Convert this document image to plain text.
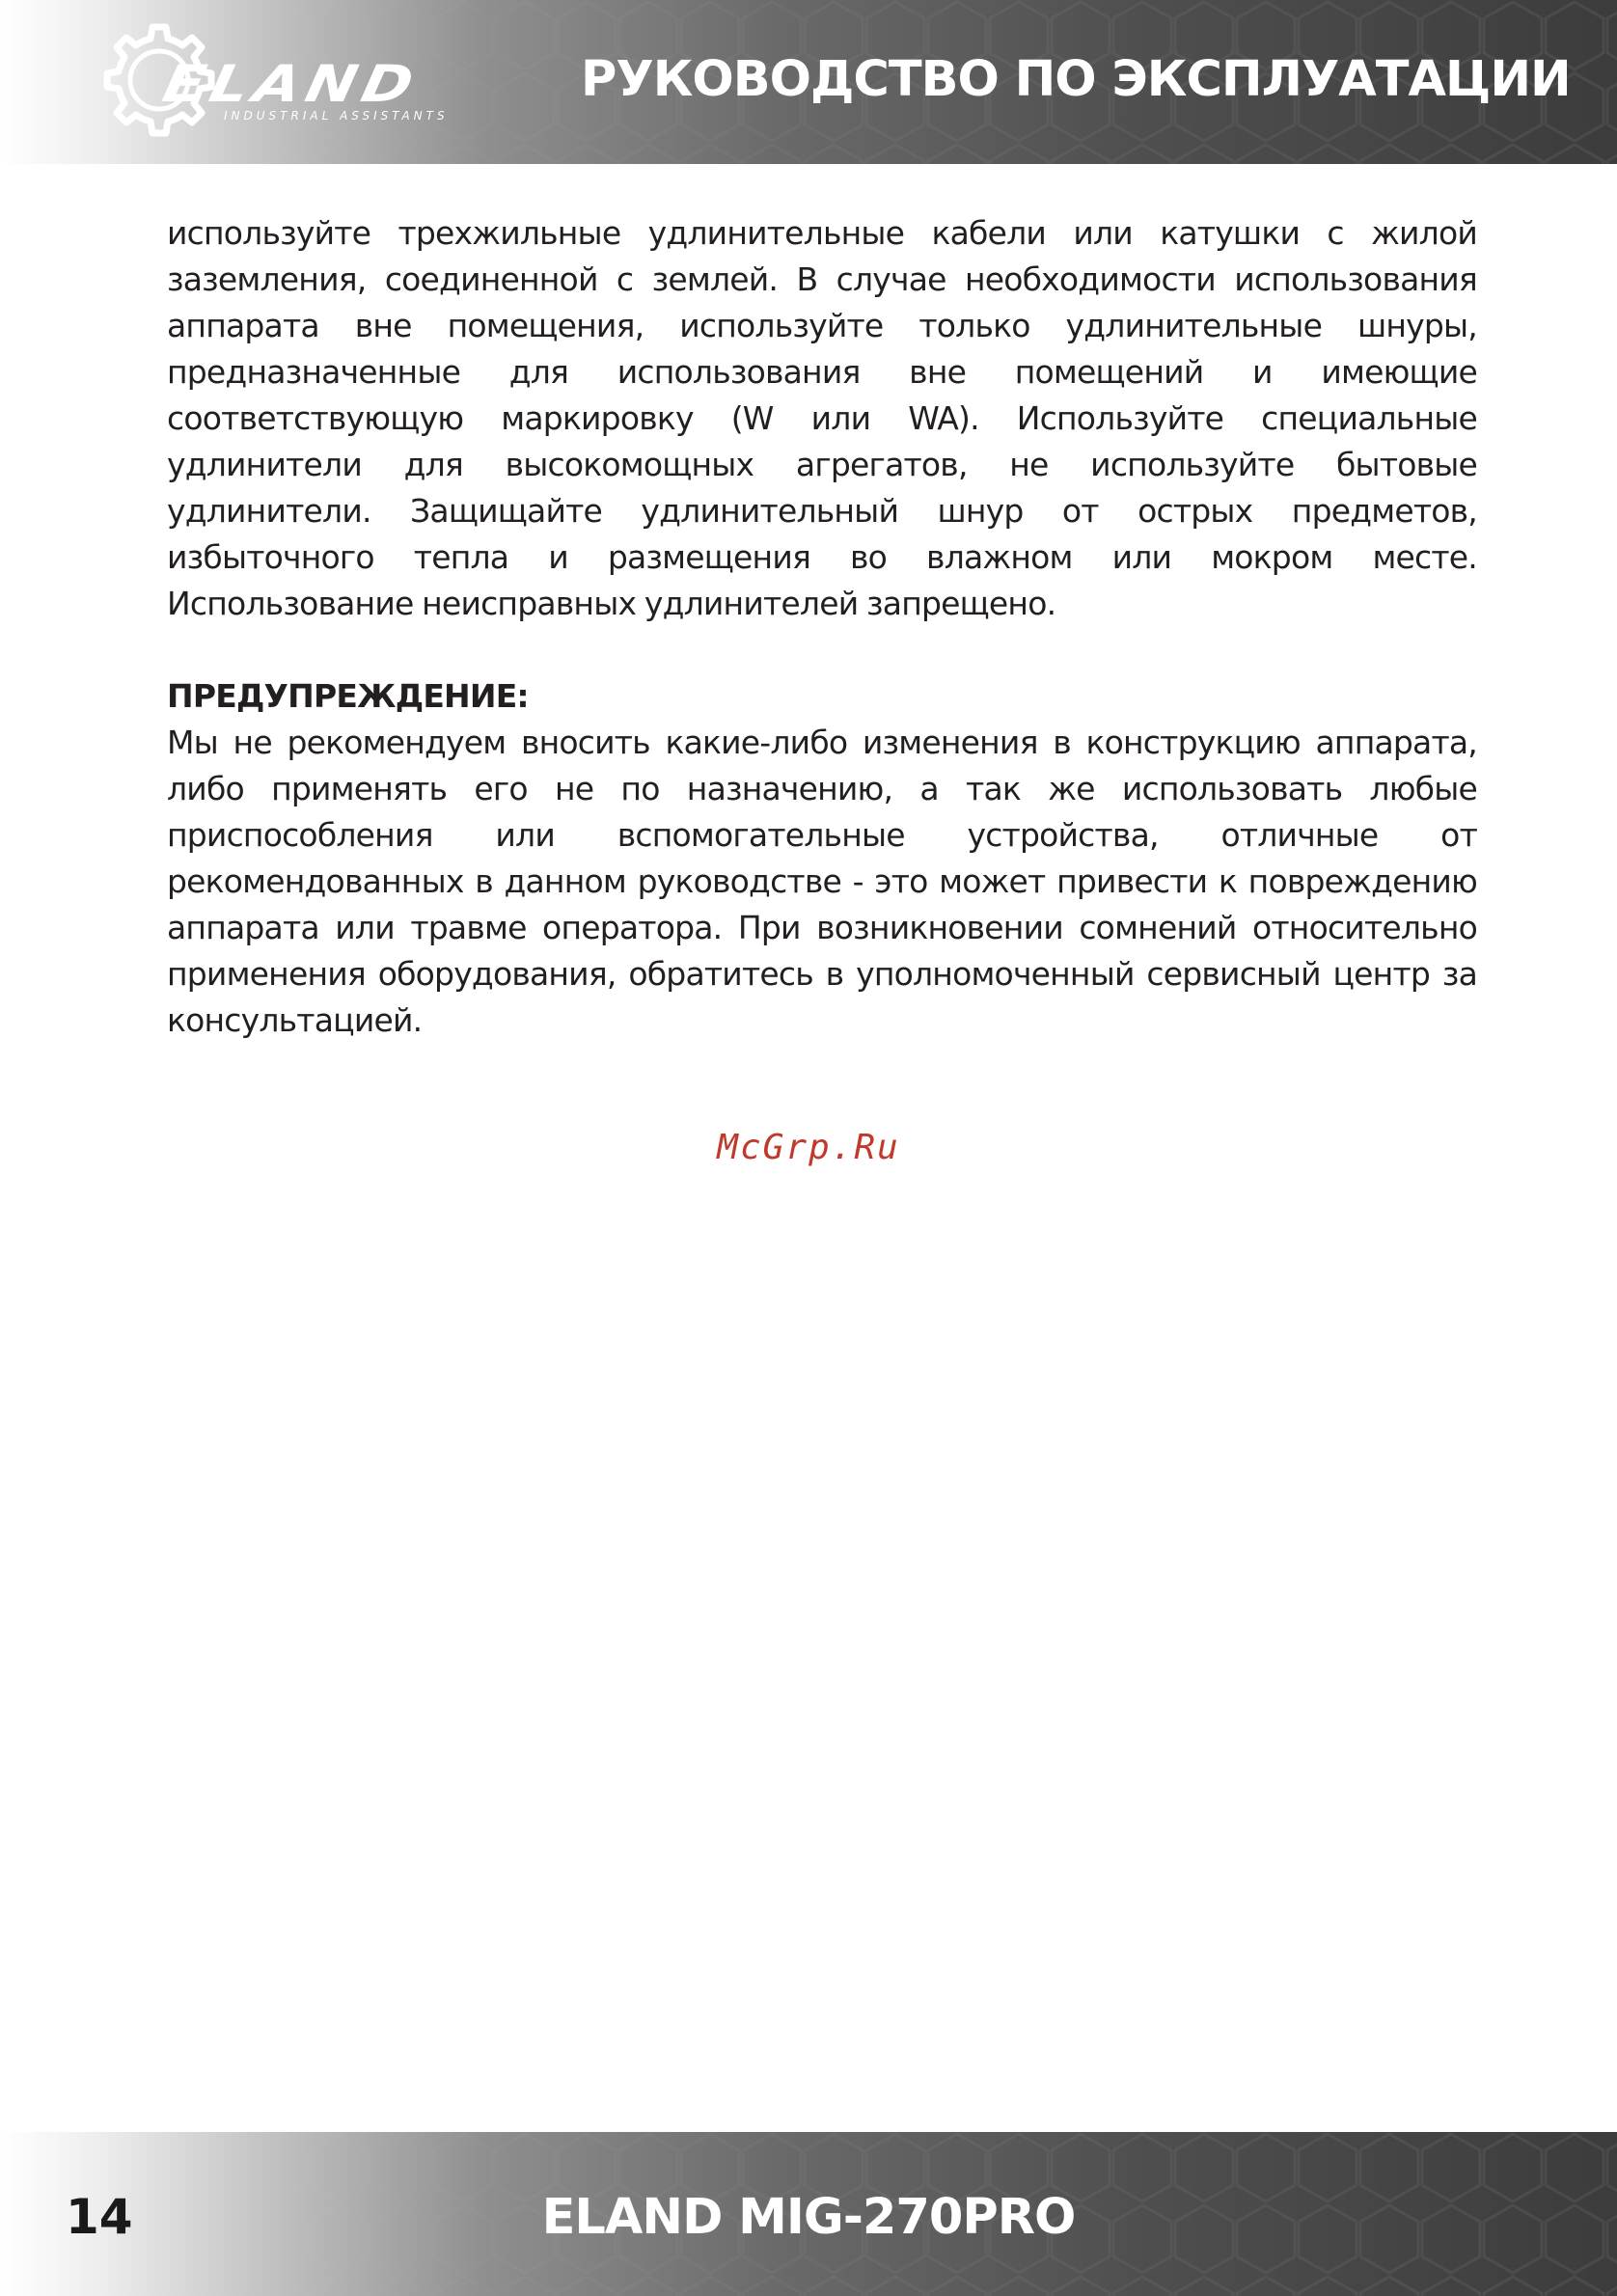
ELAND
INDUSTRIAL ASSISTANTS
РУКОВОДСТВО ПО ЭКСПЛУАТАЦИИ

используйте трехжильные удлинительные кабели или катушки с жилой заземления, соединенной с землей. В случае необходимости использования аппарата вне помещения, используйте только удлинительные шнуры, предназначенные для использования вне помещений и имеющие соответствующую маркировку (W или WA). Используйте специальные удлинители для высокомощных агрегатов, не используйте бытовые удлинители. Защищайте удлинительный шнур от острых предметов, избыточного тепла и размещения во влажном или мокром месте. Использование неисправных удлинителей запрещено.

ПРЕДУПРЕЖДЕНИЕ:

Мы не рекомендуем вносить какие-либо изменения в конструкцию аппарата, либо применять его не по назначению, а так же использовать любые приспособления или вспомогательные устройства, отличные от рекомендованных в данном руководстве - это может привести к повреждению аппарата или травме оператора. При возникновении сомнений относительно применения оборудования, обратитесь в уполномоченный сервисный центр за консультацией.

McGrp.Ru
14	ELAND MIG-270PRO
